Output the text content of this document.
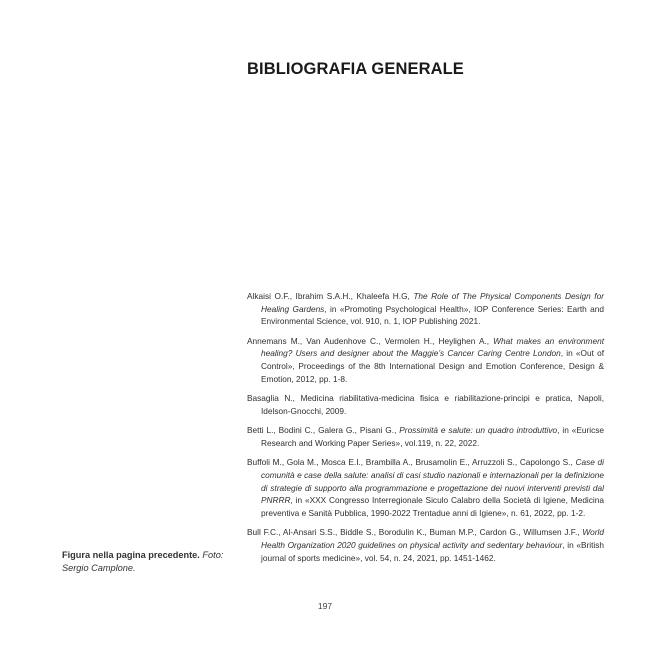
BIBLIOGRAFIA GENERALE

Alkaisi O.F., Ibrahim S.A.H., Khaleefa H.G, The Role of The Physical Components Design for Healing Gardens, in «Promoting Psychological Health», IOP Conference Series: Earth and Environmental Science, vol. 910, n. 1, IOP Publishing 2021.

Annemans M., Van Audenhove C., Vermolen H., Heylighen A., What makes an environment healing? Users and designer about the Maggie’s Cancer Caring Centre London, in «Out of Control», Proceedings of the 8th International Design and Emotion Conference, Design & Emotion, 2012, pp. 1-8.

Basaglia N., Medicina riabilitativa-medicina fisica e riabilitazione-principi e pratica, Napoli, Idelson-Gnocchi, 2009.

Betti L., Bodini C., Galera G., Pisani G., Prossimità e salute: un quadro introduttivo, in «Euricse Research and Working Paper Series», vol.119, n. 22, 2022.

Buffoli M., Gola M., Mosca E.I., Brambilla A., Brusamolin E., Arruzzoli S., Capolongo S., Case di comunità e case della salute: analisi di casi studio nazionali e internazionali per la definizione di strategie di supporto alla programmazione e progettazione dei nuovi interventi previsti dal PNRRR, in «XXX Congresso Interregionale Siculo Calabro della Società di Igiene, Medicina preventiva e Sanità Pubblica, 1990-2022 Trentadue anni di Igiene», n. 61, 2022, pp. 1-2.

Bull F.C., Al-Ansari S.S., Biddle S., Borodulin K., Buman M.P., Cardon G., Willumsen J.F., World Health Organization 2020 guidelines on physical activity and sedentary behaviour, in «British journal of sports medicine», vol. 54, n. 24, 2021, pp. 1451-1462.

Figura nella pagina precedente. Foto: Sergio Camplone.
197
